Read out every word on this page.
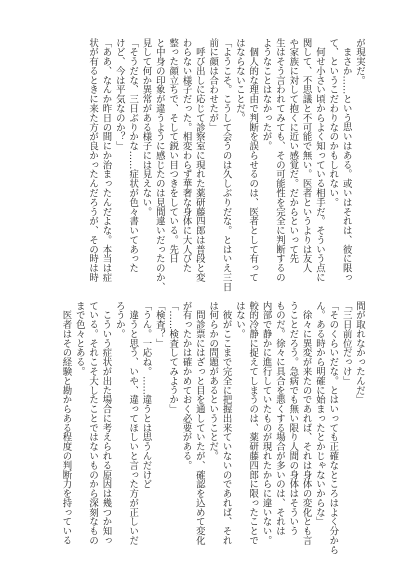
が現実だ。
　まさか……という思いはある。或いはそれは、彼に限っ
て、というこだわりなのかもしれない。
　何せ小さい頃からよく知っている相手だ。そういう点に
関して、不思議と不可能で無い。医者というよりは友人
や家族に対して抱くに近い感覚だ。だからといって先
生はそう言われてみても、その可能性を完全に判断するの
ようなことはなかったが。
　個人的な理由で判断を誤らせるのは、医者として有って
はならないことだ。
「ようこそ。こうして会うのは久しぶりだな。とはいえ三日
前に顔は合わせたが」
　呼び出しに応じて診察室に現れた薬研藤四郎は普段と変
わらない様子だった。相変わらず華奢な身体に大人びた
整った顔立ちで、そして鋭い目つきをしている。先日
と中身の印象が違うように感じたのは見間違いだったのか、
見して何か異常がある様子には見えない。
「そうだな、三日ぶりかな……症状が色々書いてあった
けど、今は平気なのか？」
「ああ、なんか昨日の間にか治まったんだよな。本当は症
状が有るときに来た方が良かったんだろうが、その時は時
間が取れなかったんだ」
「三日前位だっけ」
「そのくらいだな。とはいっても正確なところはよく分から
ん。ある時から明確に始まったとかじゃないからな」
　徐々に異変が来たのであれば、それは身体の変化とも言
うことだろう。急病でも無い限り人間の身体はそういう
ものだ。徐々に具合を悪くする場合が多いのは、それは
内部で静かに進行していたものが現れたからに違いない。
較的冷静に捉えてしまうのは、薬研藤四郎に限ったことで
はない。
　彼がここまで完全に把握出来ていないのであれば、それ
は何らかの問題があるということだ。
　問診票にはざっと目を通していたが、確認を込めて変化
が有ったかは確かめておく必要がある。
「……検査してみようか」
「検査？」
「うん。一応ね。……違うとは思うんだけど
　違うと思う、いや、違ってほしいと言った方が正しいだ
ろうか。
　こういう症状が出た場合に考えられる原因は幾つか知っ
ている。それこそ大したことではないものから深刻なもの
まで色々とある。
　医者はその経験と勘からある程度の判断力を持っている
